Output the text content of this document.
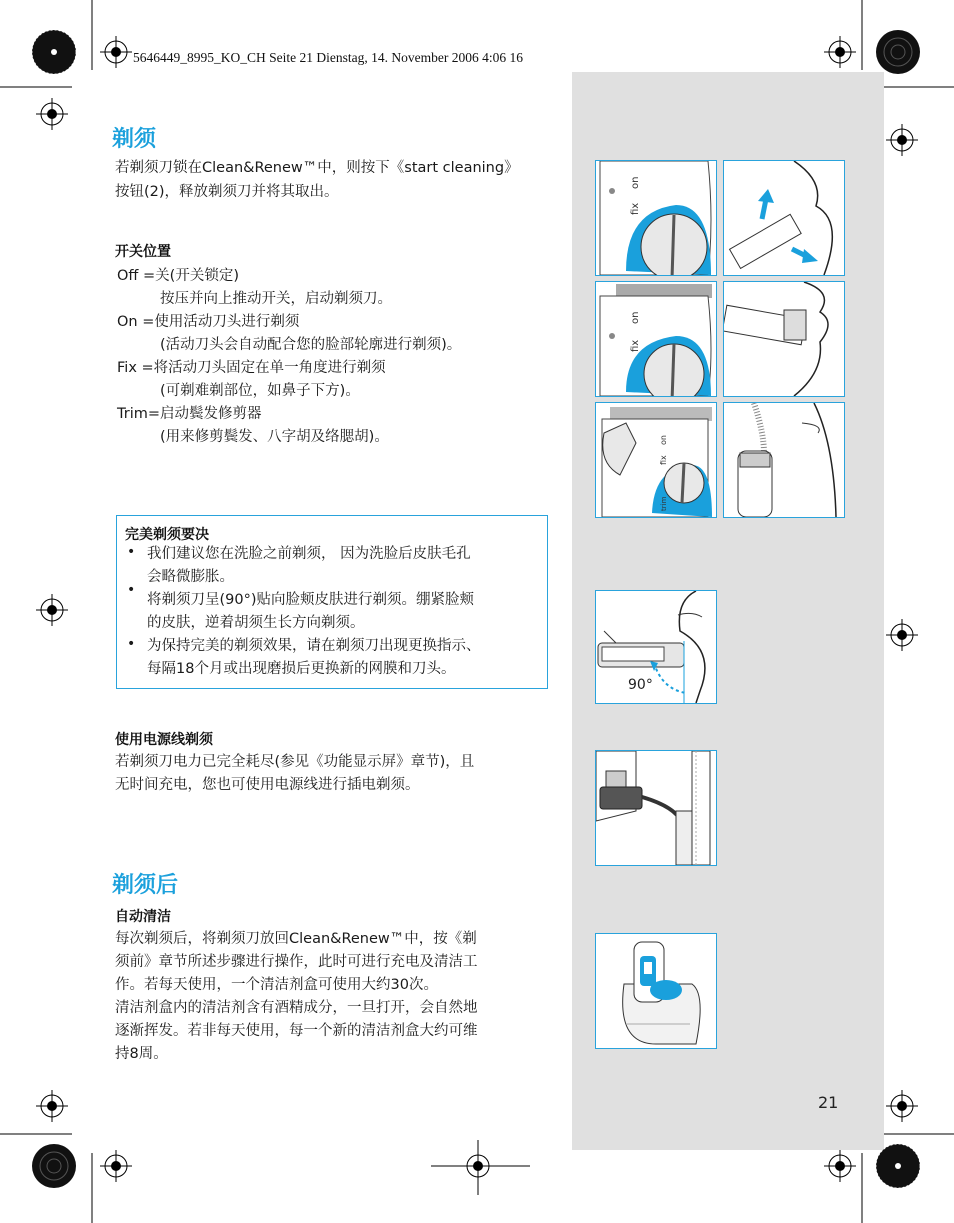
5646449_8995_KO_CH Seite 21 Dienstag, 14. November 2006 4:06 16
剃须
若剃须刀锁在Clean&Renew™中，则按下《start cleaning》
按钮(2)，释放剃须刀并将其取出。
开关位置
Off =关(开关锁定)
按压并向上推动开关，启动剃须刀。
On =使用活动刀头进行剃须
(活动刀头会自动配合您的脸部轮廓进行剃须)。
Fix =将活动刀头固定在单一角度进行剃须
(可剃难剃部位，如鼻子下方)。
Trim=启动鬓发修剪器
(用来修剪鬓发、八字胡及络腮胡)。
完美剃须要决
• 我们建议您在洗脸之前剃须， 因为洗脸后皮肤毛孔
会略微膨胀。
•
将剃须刀呈(90°)贴向脸颊皮肤进行剃须。绷紧脸颊
的皮肤，逆着胡须生长方向剃须。
• 为保持完美的剃须效果，请在剃须刀出现更换指示、
每隔18个月或出现磨损后更换新的网膜和刀头。
使用电源线剃须
若剃须刀电力已完全耗尽(参见《功能显示屏》章节)，且
无时间充电，您也可使用电源线进行插电剃须。
剃须后
自动清洁
每次剃须后，将剃须刀放回Clean&Renew™中，按《剃
须前》章节所述步骤进行操作，此时可进行充电及清洁工
作。若每天使用，一个清洁剂盒可使用大约30次。
清洁剂盒内的清洁剂含有酒精成分，一旦打开，会自然地
逐渐挥发。若非每天使用，每一个新的清洁剂盒大约可维
持8周。
fix
on
fix
on
on
fix
trim
90°
21
